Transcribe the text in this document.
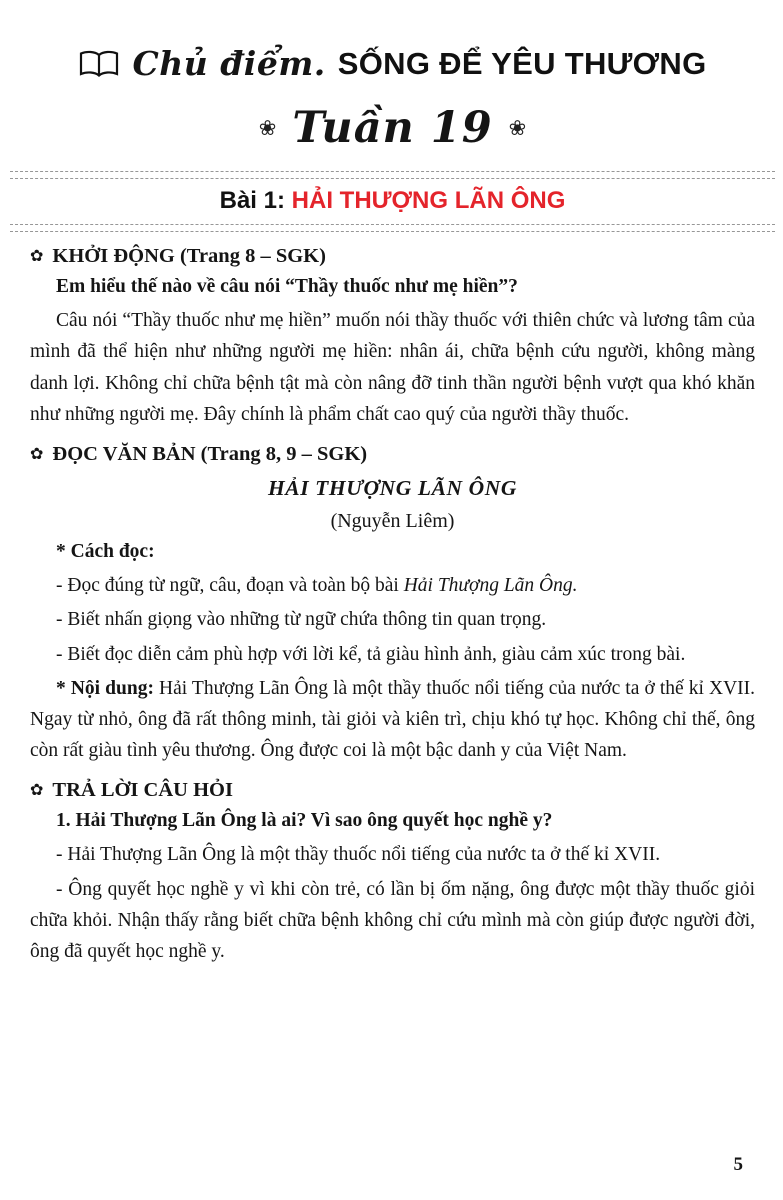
Chủ điểm. SỐNG ĐỂ YÊU THƯƠNG
❀ Tuần 19 ❀
Bài 1: HẢI THƯỢNG LÃN ÔNG
✿ KHỞI ĐỘNG (Trang 8 – SGK)

Em hiểu thế nào về câu nói “Thầy thuốc như mẹ hiền”?

Câu nói “Thầy thuốc như mẹ hiền” muốn nói thầy thuốc với thiên chức và lương tâm của mình đã thể hiện như những người mẹ hiền: nhân ái, chữa bệnh cứu người, không màng danh lợi. Không chỉ chữa bệnh tật mà còn nâng đỡ tinh thần người bệnh vượt qua khó khăn như những người mẹ. Đây chính là phẩm chất cao quý của người thầy thuốc.

✿ ĐỌC VĂN BẢN (Trang 8, 9 – SGK)

HẢI THƯỢNG LÃN ÔNG

(Nguyễn Liêm)

* Cách đọc:

- Đọc đúng từ ngữ, câu, đoạn và toàn bộ bài Hải Thượng Lãn Ông.

- Biết nhấn giọng vào những từ ngữ chứa thông tin quan trọng.

- Biết đọc diễn cảm phù hợp với lời kể, tả giàu hình ảnh, giàu cảm xúc trong bài.

* Nội dung: Hải Thượng Lãn Ông là một thầy thuốc nổi tiếng của nước ta ở thế kỉ XVII. Ngay từ nhỏ, ông đã rất thông minh, tài giỏi và kiên trì, chịu khó tự học. Không chỉ thế, ông còn rất giàu tình yêu thương. Ông được coi là một bậc danh y của Việt Nam.

✿ TRẢ LỜI CÂU HỎI

1. Hải Thượng Lãn Ông là ai? Vì sao ông quyết học nghề y?

- Hải Thượng Lãn Ông là một thầy thuốc nổi tiếng của nước ta ở thế kỉ XVII.

- Ông quyết học nghề y vì khi còn trẻ, có lần bị ốm nặng, ông được một thầy thuốc giỏi chữa khỏi. Nhận thấy rằng biết chữa bệnh không chỉ cứu mình mà còn giúp được người đời, ông đã quyết học nghề y.

5
